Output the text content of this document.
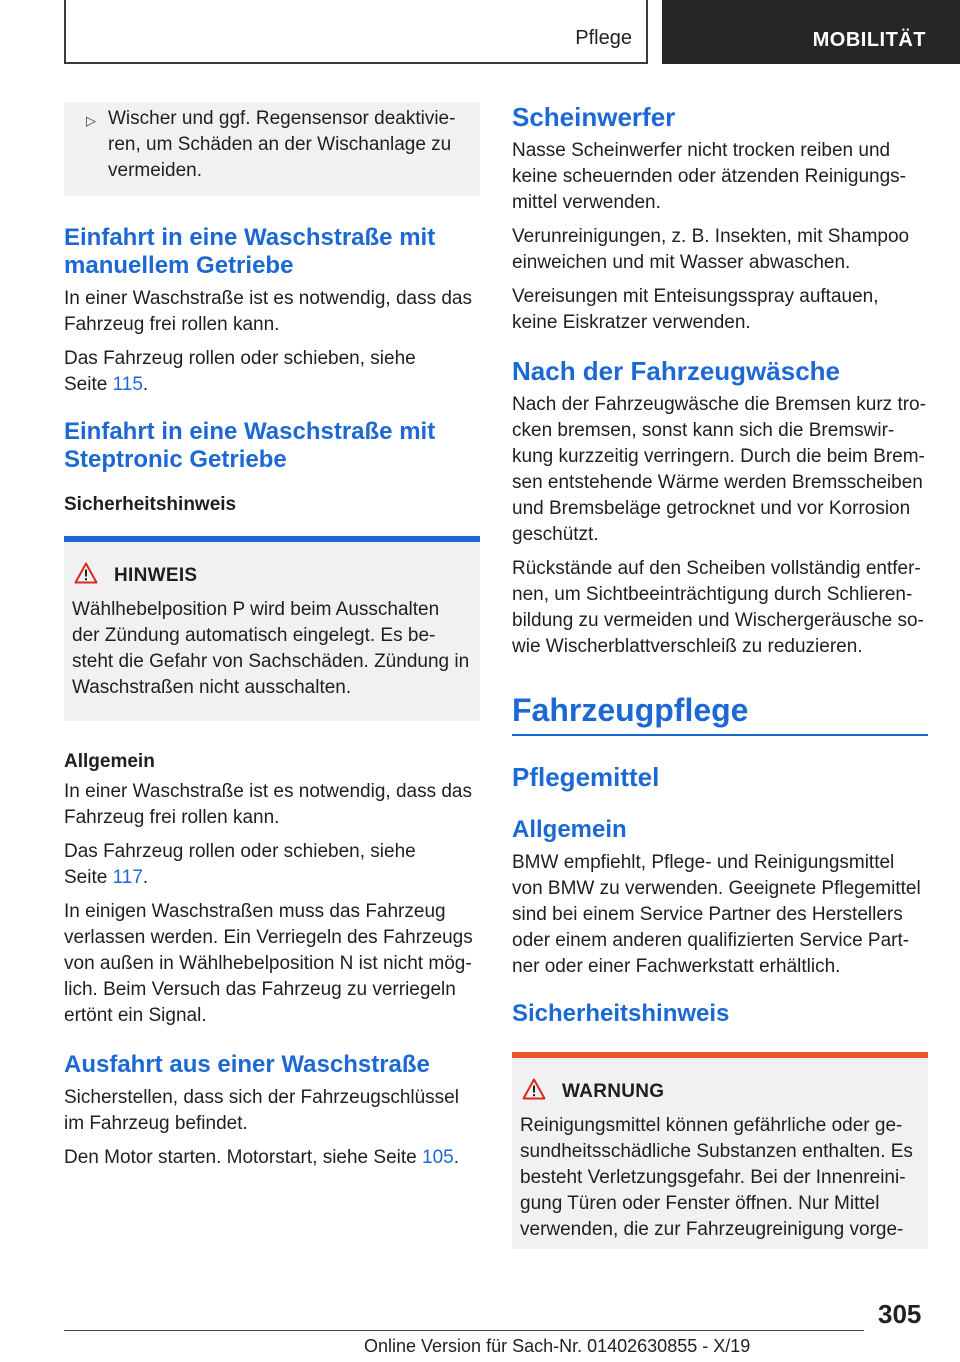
Pflege	MOBILITÄT
▷ Wischer und ggf. Regensensor deaktivie‐
ren, um Schäden an der Wischanlage zu
vermeiden.

Einfahrt in eine Waschstraße mit
manuellem Getriebe

In einer Waschstraße ist es notwendig, dass das
Fahrzeug frei rollen kann.

Das Fahrzeug rollen oder schieben, siehe
Seite 115.

Einfahrt in eine Waschstraße mit
Steptronic Getriebe
Sicherheitshinweis
HINWEIS

Wählhebelposition P wird beim Ausschalten
der Zündung automatisch eingelegt. Es be‐
steht die Gefahr von Sachschäden. Zündung in
Waschstraßen nicht ausschalten.

Allgemein

In einer Waschstraße ist es notwendig, dass das
Fahrzeug frei rollen kann.

Das Fahrzeug rollen oder schieben, siehe
Seite 117.

In einigen Waschstraßen muss das Fahrzeug
verlassen werden. Ein Verriegeln des Fahrzeugs
von außen in Wählhebelposition N ist nicht mög‐
lich. Beim Versuch das Fahrzeug zu verriegeln
ertönt ein Signal.

Ausfahrt aus einer Waschstraße

Sicherstellen, dass sich der Fahrzeugschlüssel
im Fahrzeug befindet.

Den Motor starten. Motorstart, siehe Seite 105.

Scheinwerfer

Nasse Scheinwerfer nicht trocken reiben und
keine scheuernden oder ätzenden Reinigungs‐
mittel verwenden.

Verunreinigungen, z. B. Insekten, mit Shampoo
einweichen und mit Wasser abwaschen.

Vereisungen mit Enteisungsspray auftauen,
keine Eiskratzer verwenden.

Nach der Fahrzeugwäsche

Nach der Fahrzeugwäsche die Bremsen kurz tro‐
cken bremsen, sonst kann sich die Bremswir‐
kung kurzzeitig verringern. Durch die beim Brem‐
sen entstehende Wärme werden Bremsscheiben
und Bremsbeläge getrocknet und vor Korrosion
geschützt.

Rückstände auf den Scheiben vollständig entfer‐
nen, um Sichtbeeinträchtigung durch Schlieren‐
bildung zu vermeiden und Wischergeräusche so‐
wie Wischerblattverschleiß zu reduzieren.

Fahrzeugpflege
Pflegemittel
Allgemein

BMW empfiehlt, Pflege- und Reinigungsmittel
von BMW zu verwenden. Geeignete Pflegemittel
sind bei einem Service Partner des Herstellers
oder einem anderen qualifizierten Service Part‐
ner oder einer Fachwerkstatt erhältlich.

Sicherheitshinweis
WARNUNG

Reinigungsmittel können gefährliche oder ge‐
sundheitsschädliche Substanzen enthalten. Es
besteht Verletzungsgefahr. Bei der Innenreini‐
gung Türen oder Fenster öffnen. Nur Mittel
verwenden, die zur Fahrzeugreinigung vorge‐

305
Online Version für Sach-Nr. 01402630855 - X/19
